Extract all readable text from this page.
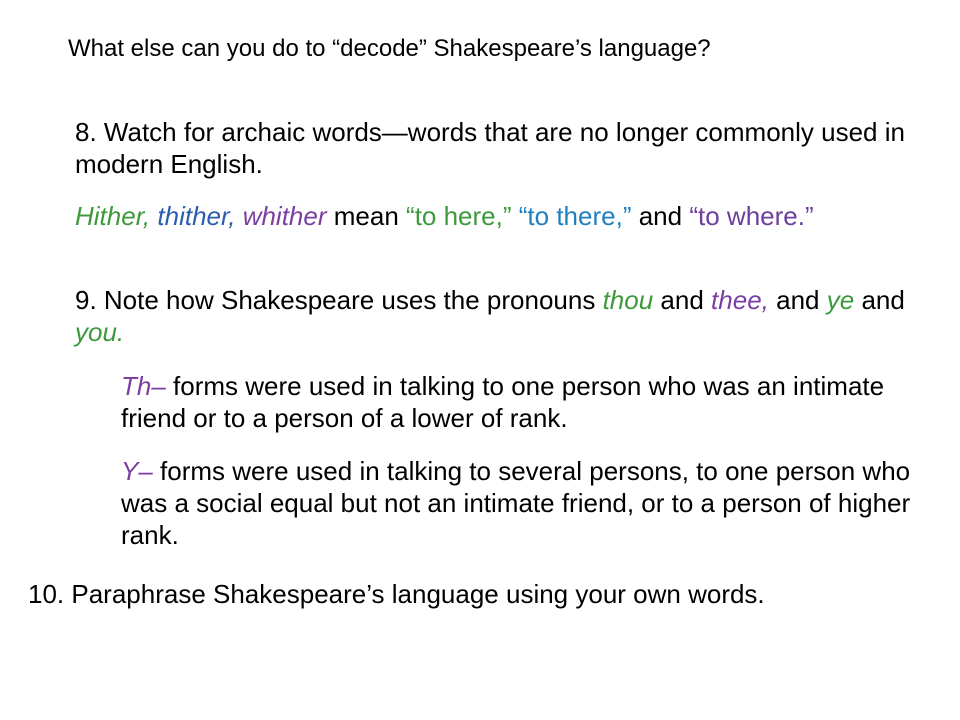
What else can you do to “decode” Shakespeare’s language?

8. Watch for archaic words—words that are no longer commonly used in modern English.

Hither, thither, whither mean “to here,” “to there,” and “to where.”

9. Note how Shakespeare uses the pronouns thou and thee, and ye and you.

Th– forms were used in talking to one person who was an intimate friend or to a person of a lower of rank.

Y– forms were used in talking to several persons, to one person who was a social equal but not an intimate friend, or to a person of higher rank.

10. Paraphrase Shakespeare’s language using your own words.
